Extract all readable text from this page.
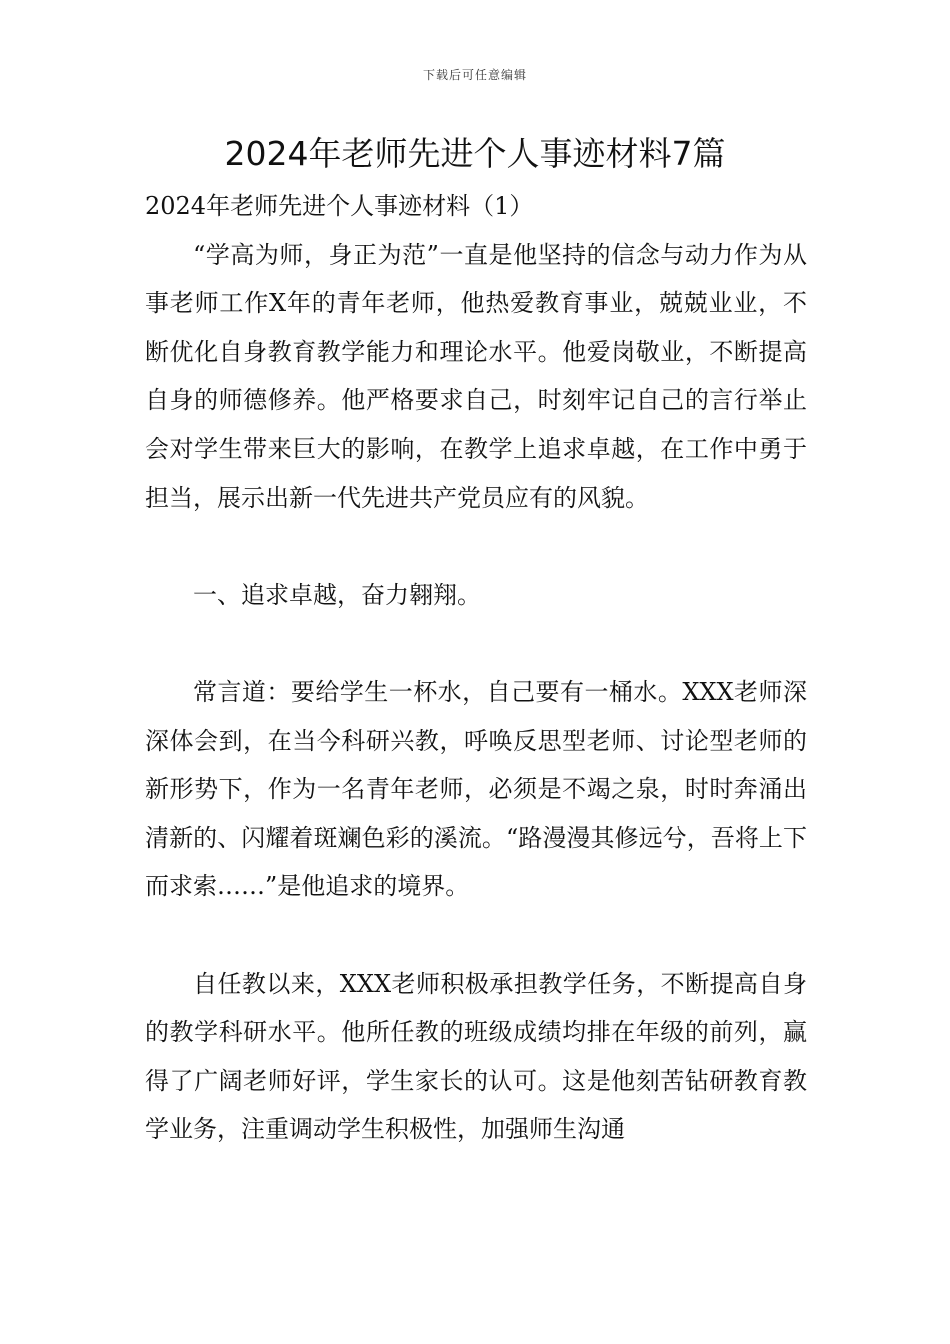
下载后可任意编辑
2024年老师先进个人事迹材料7篇

2024年老师先进个人事迹材料（1）

“学高为师，身正为范”一直是他坚持的信念与动力作为从事老师工作X年的青年老师，他热爱教育事业，兢兢业业，不断优化自身教育教学能力和理论水平。他爱岗敬业，不断提高自身的师德修养。他严格要求自己，时刻牢记自己的言行举止会对学生带来巨大的影响，在教学上追求卓越，在工作中勇于担当，展示出新一代先进共产党员应有的风貌。

一、追求卓越，奋力翱翔。

常言道：要给学生一杯水，自己要有一桶水。XXX老师深深体会到，在当今科研兴教，呼唤反思型老师、讨论型老师的新形势下，作为一名青年老师，必须是不竭之泉，时时奔涌出清新的、闪耀着斑斓色彩的溪流。“路漫漫其修远兮，吾将上下而求索……”是他追求的境界。

自任教以来，XXX老师积极承担教学任务，不断提高自身的教学科研水平。他所任教的班级成绩均排在年级的前列，赢得了广阔老师好评，学生家长的认可。这是他刻苦钻研教育教学业务，注重调动学生积极性，加强师生沟通
